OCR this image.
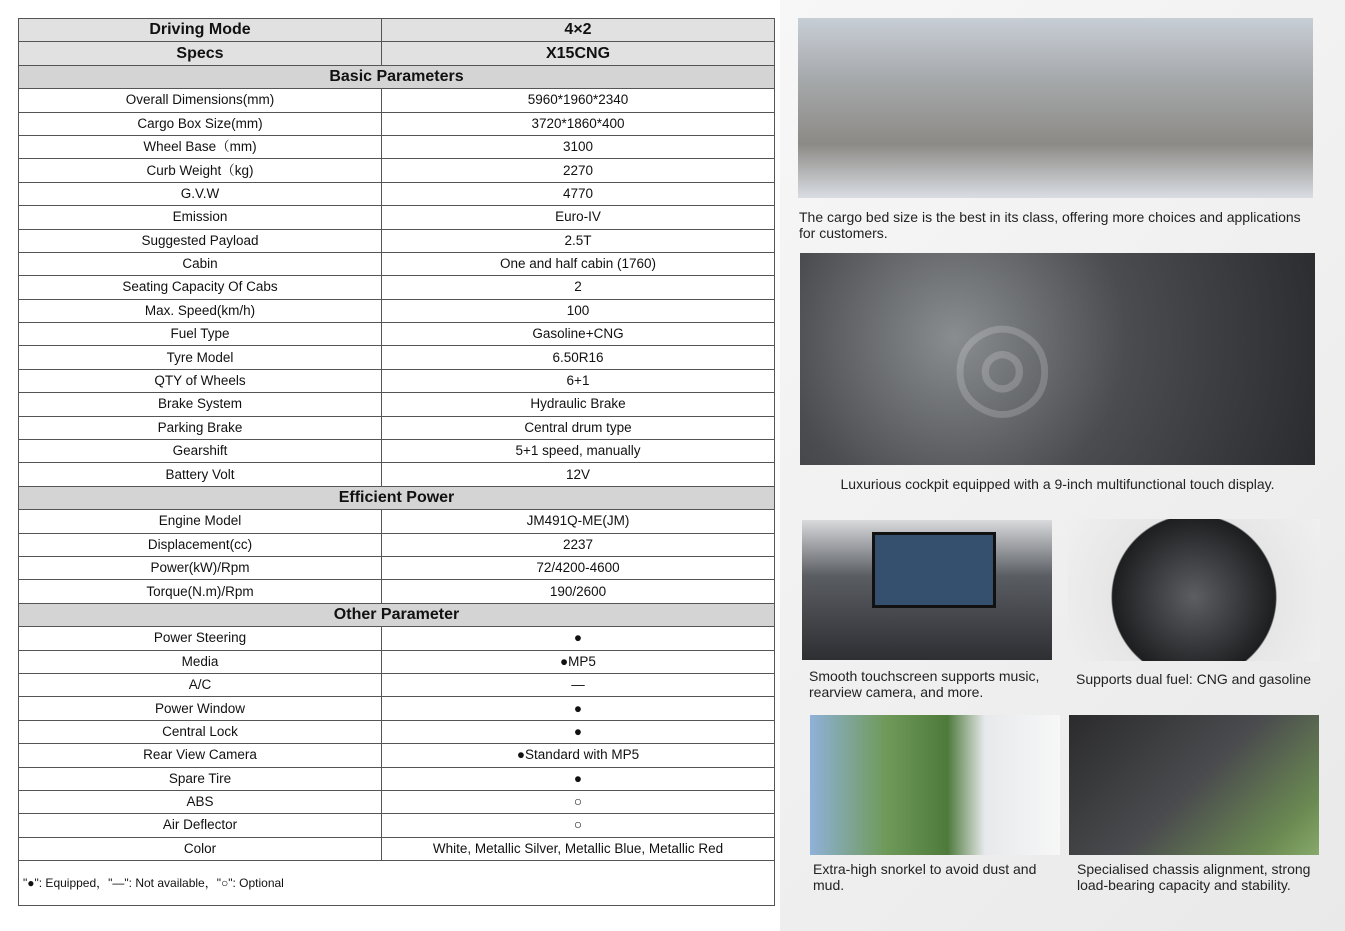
Driving Mode	4×2
Specs	X15CNG
Basic Parameters	
Overall Dimensions(mm)	5960*1960*2340
Cargo Box Size(mm)	3720*1860*400
Wheel Base（mm)	3100
Curb Weight（kg)	2270
G.V.W	4770
Emission	Euro-IV
Suggested Payload	2.5T
Cabin	One and half cabin (1760)
Seating Capacity Of Cabs	2
Max. Speed(km/h)	100
Fuel Type	Gasoline+CNG
Tyre Model	6.50R16
QTY of Wheels	6+1
Brake System	Hydraulic Brake
Parking Brake	Central drum type
Gearshift	5+1 speed, manually
Battery Volt	12V
Efficient Power	
Engine Model	JM491Q-ME(JM)
Displacement(cc)	2237
Power(kW)/Rpm	72/4200-4600
Torque(N.m)/Rpm	190/2600
Other Parameter	
Power Steering	●
Media	●MP5
A/C	—
Power Window	●
Central Lock	●
Rear View Camera	●Standard with MP5
Spare Tire	●
ABS	○
Air Deflector	○
Color	White, Metallic Silver, Metallic Blue, Metallic Red
"●": Equipped，"—": Not available，"○": Optional	
The cargo bed size is the best in its class, offering more choices and applications for customers.
◎
Luxurious cockpit equipped with a 9-inch multifunctional touch display.
Smooth touchscreen supports music, rearview camera, and more.
Supports dual fuel: CNG and gasoline
Extra-high snorkel to avoid dust and mud.
Specialised chassis alignment, strong load-bearing capacity and stability.
